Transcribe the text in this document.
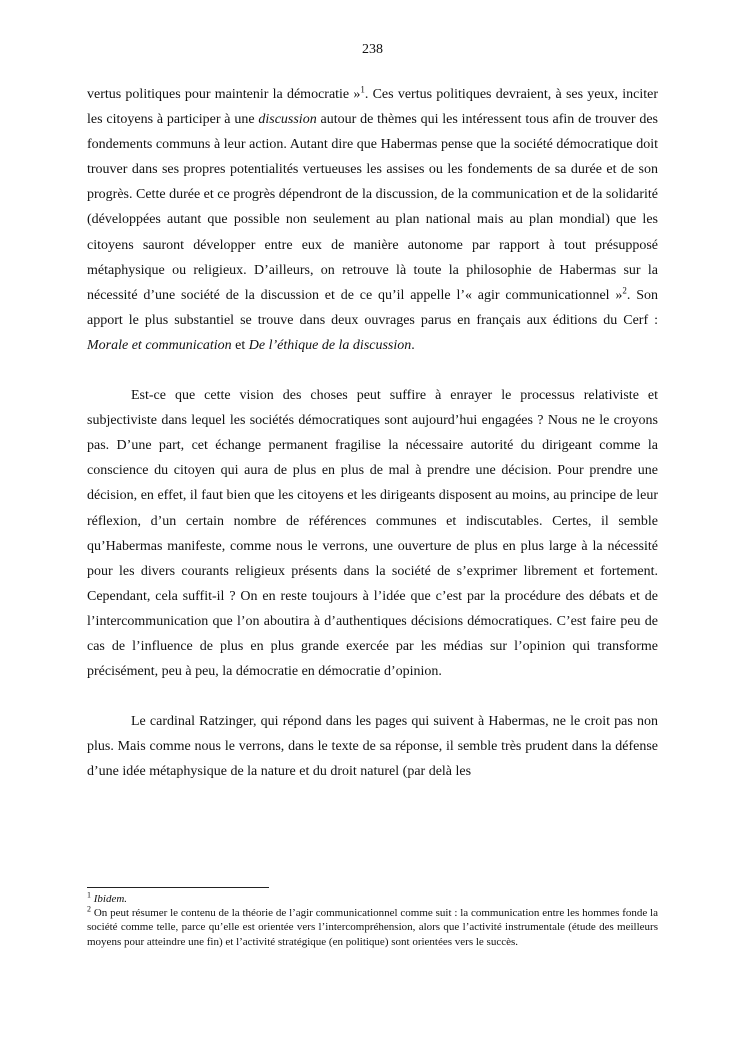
238

vertus politiques pour maintenir la démocratie »$^1$. Ces vertus politiques devraient, à ses yeux, inciter les citoyens à participer à une discussion autour de thèmes qui les intéressent tous afin de trouver des fondements communs à leur action. Autant dire que Habermas pense que la société démocratique doit trouver dans ses propres potentialités vertueuses les assises ou les fondements de sa durée et de son progrès. Cette durée et ce progrès dépendront de la discussion, de la communication et de la solidarité (développées autant que possible non seulement au plan national mais au plan mondial) que les citoyens sauront développer entre eux de manière autonome par rapport à tout présupposé métaphysique ou religieux. D’ailleurs, on retrouve là toute la philosophie de Habermas sur la nécessité d’une société de la discussion et de ce qu’il appelle l’« agir communicationnel »$^2$. Son apport le plus substantiel se trouve dans deux ouvrages parus en français aux éditions du Cerf : Morale et communication et De l’éthique de la discussion.

Est-ce que cette vision des choses peut suffire à enrayer le processus relativiste et subjectiviste dans lequel les sociétés démocratiques sont aujourd’hui engagées ? Nous ne le croyons pas. D’une part, cet échange permanent fragilise la nécessaire autorité du dirigeant comme la conscience du citoyen qui aura de plus en plus de mal à prendre une décision. Pour prendre une décision, en effet, il faut bien que les citoyens et les dirigeants disposent au moins, au principe de leur réflexion, d’un certain nombre de références communes et indiscutables. Certes, il semble qu’Habermas manifeste, comme nous le verrons, une ouverture de plus en plus large à la nécessité pour les divers courants religieux présents dans la société de s’exprimer librement et fortement. Cependant, cela suffit-il ? On en reste toujours à l’idée que c’est par la procédure des débats et de l’intercommunication que l’on aboutira à d’authentiques décisions démocratiques. C’est faire peu de cas de l’influence de plus en plus grande exercée par les médias sur l’opinion qui transforme précisément, peu à peu, la démocratie en démocratie d’opinion.

Le cardinal Ratzinger, qui répond dans les pages qui suivent à Habermas, ne le croit pas non plus. Mais comme nous le verrons, dans le texte de sa réponse, il semble très prudent dans la défense d’une idée métaphysique de la nature et du droit naturel (par delà les

$^1$ Ibidem.

$^2$ On peut résumer le contenu de la théorie de l’agir communicationnel comme suit : la communication entre les hommes fonde la société comme telle, parce qu’elle est orientée vers l’intercompréhension, alors que l’activité instrumentale (étude des meilleurs moyens pour atteindre une fin) et l’activité stratégique (en politique) sont orientées vers le succès.
